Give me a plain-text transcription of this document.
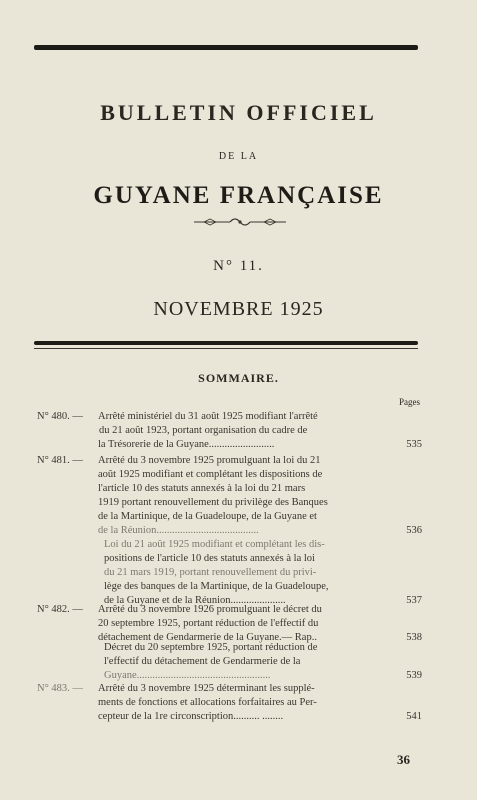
BULLETIN OFFICIEL
DE LA
GUYANE FRANÇAISE
N° 11.
NOVEMBRE 1925
SOMMAIRE.
Pages
N° 480. — Arrêté ministériel du 31 août 1925 modifiant l'arrêté
du 21 août 1923, portant organisation du cadre de
la Trésorerie de la Guyane.........................	535
N° 481. — Arrêté du 3 novembre 1925 promulguant la loi du 21
août 1925 modifiant et complétant les dispositions de
l'article 10 des statuts annexés à la loi du 21 mars
1919 portant renouvellement du privilège des Banques
de la Martinique, de la Guadeloupe, de la Guyane et
de la Réunion.......................................	536
Loi du 21 août 1925 modifiant et complétant les dis-
positions de l'article 10 des statuts annexés à la loi
du 21 mars 1919, portant renouvellement du privi-
lège des banques de la Martinique, de la Guadeloupe,
de la Guyane et de la Réunion.....................	537
N° 482. — Arrêté du 3 novembre 1926 promulguant le décret du
20 septembre 1925, portant réduction de l'effectif du
détachement de Gendarmerie de la Guyane.— Rap..	538
Décret du 20 septembre 1925, portant réduction de
l'effectif du détachement de Gendarmerie de la
Guyane...................................................	539
N° 483. — Arrêté du 3 novembre 1925 déterminant les supplé-
ments de fonctions et allocations forfaitaires au Per-
cepteur de la 1re circonscription.......... ........	541
36
